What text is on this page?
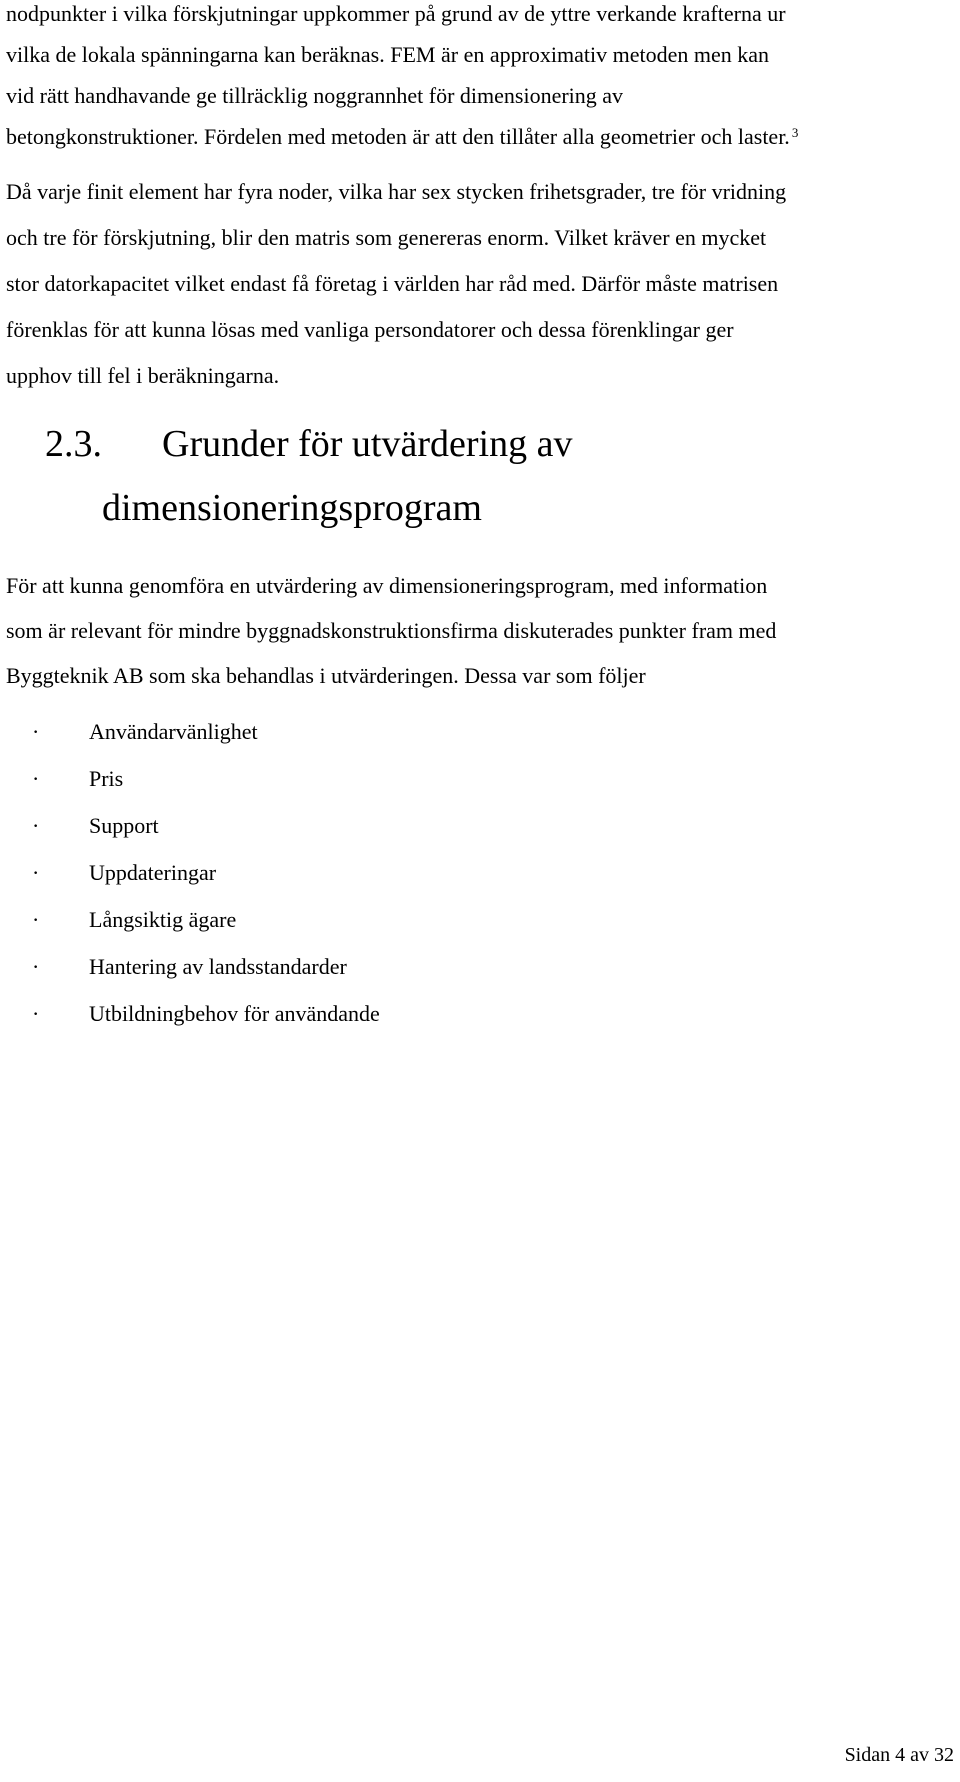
nodpunkter i vilka förskjutningar uppkommer på grund av de yttre verkande krafterna ur
vilka de lokala spänningarna kan beräknas. FEM är en approximativ metoden men kan
vid rätt handhavande ge tillräcklig noggrannhet för dimensionering av
betongkonstruktioner. Fördelen med metoden är att den tillåter alla geometrier och laster. $^3$

Då varje finit element har fyra noder, vilka har sex stycken frihetsgrader, tre för vridning
och tre för förskjutning, blir den matris som genereras enorm. Vilket kräver en mycket
stor datorkapacitet vilket endast få företag i världen har råd med. Därför måste matrisen
förenklas för att kunna lösas med vanliga persondatorer och dessa förenklingar ger
upphov till fel i beräkningarna.

2.3. Grunder för utvärdering av
dimensioneringsprogram

För att kunna genomföra en utvärdering av dimensioneringsprogram, med information
som är relevant för mindre byggnadskonstruktionsfirma diskuterades punkter fram med
Byggteknik AB som ska behandlas i utvärderingen. Dessa var som följer

· Användarvänlighet
· Pris
· Support
· Uppdateringar
· Långsiktig ägare
· Hantering av landsstandarder
· Utbildningbehov för användande
Sidan 4 av 32
